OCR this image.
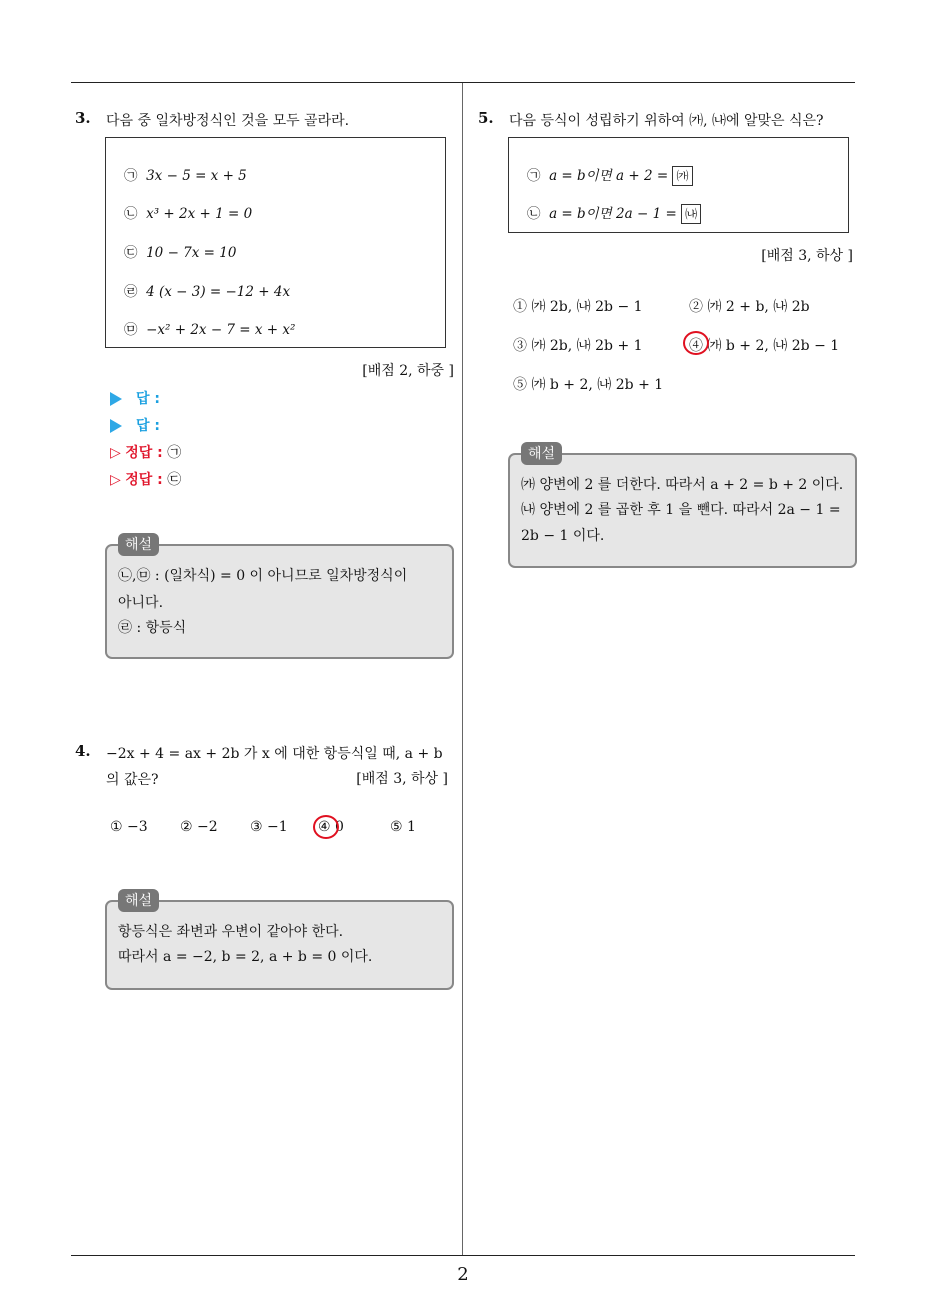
2
3. 다음 중 일차방정식인 것을 모두 골라라.
㉠ 3x − 5 = x + 5
㉡ x³ + 2x + 1 = 0
㉢ 10 − 7x = 10
㉣ 4 (x − 3) = −12 + 4x
㉤ −x² + 2x − 7 = x + x²
[배점 2, 하중 ]
답 :
답 :
▷ 정답 : ㉠
▷ 정답 : ㉢
해설
㉡,㉤ : (일차식) = 0 이 아니므로 일차방정식이
아니다.
㉣ : 항등식
4. −2x + 4 = ax + 2b 가 x 에 대한 항등식일 때, a + b
의 값은?	[배점 3, 하상 ]
① −3 ② −2 ③ −1 ④ 0	⑤ 1
해설
항등식은 좌변과 우변이 같아야 한다.
따라서 a = −2, b = 2, a + b = 0 이다.
5. 다음 등식이 성립하기 위하여 ㈎, ㈏에 알맞은 식은?
㉠ a = b이면 a + 2 = ㈎
㉡ a = b이면 2a − 1 = ㈏
[배점 3, 하상 ]
① ㈎ 2b, ㈏ 2b − 1	② ㈎ 2 + b, ㈏ 2b
③ ㈎ 2b, ㈏ 2b + 1	④ ㈎ b + 2, ㈏ 2b − 1
⑤ ㈎ b + 2, ㈏ 2b + 1
해설
㈎ 양변에 2 를 더한다. 따라서 a + 2 = b + 2 이다.
㈏ 양변에 2 를 곱한 후 1 을 뺀다. 따라서 2a − 1 =
2b − 1 이다.
